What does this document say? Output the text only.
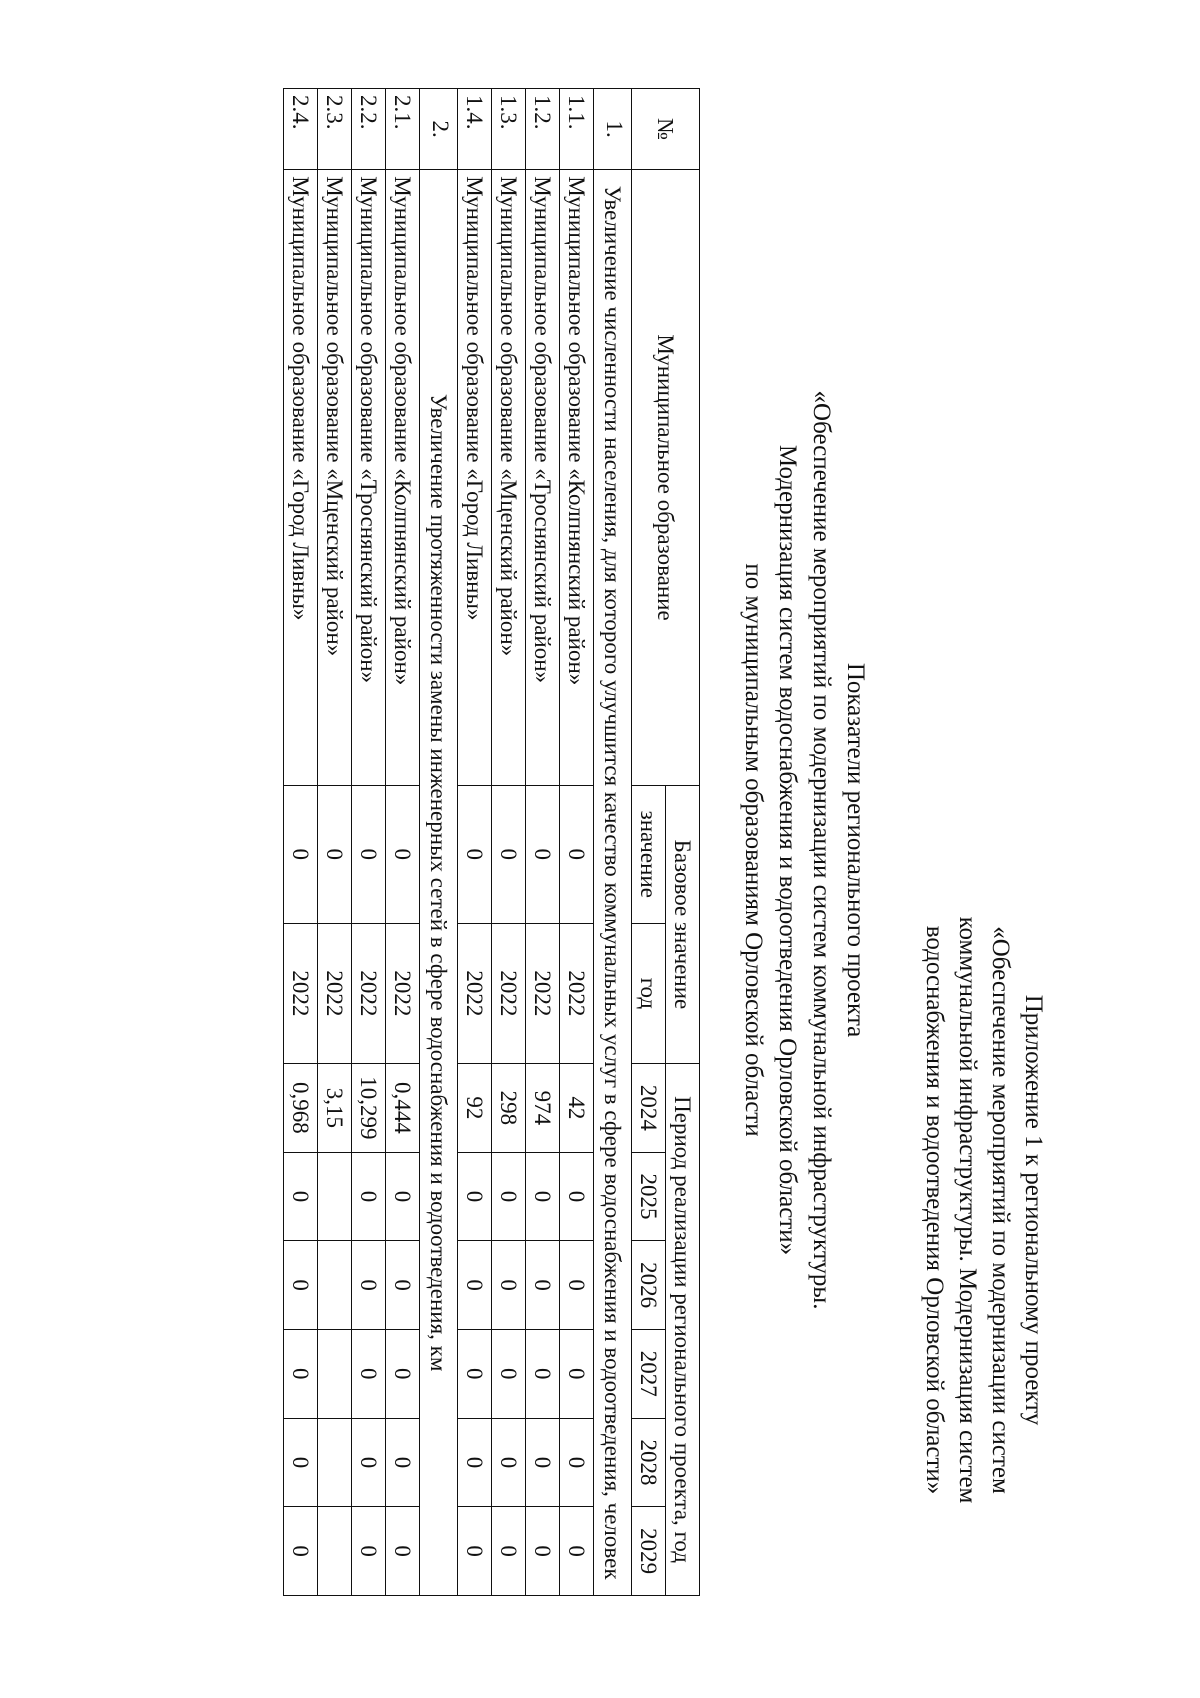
Приложение 1 к региональному проекту
«Обеспечение мероприятий по модернизации систем
коммунальной инфраструктуры. Модернизация систем
водоснабжения и водоотведения Орловской области»
Показатели регионального проекта
«Обеспечение мероприятий по модернизации систем коммунальной инфраструктуры.
Модернизация систем водоснабжения и водоотведения Орловской области»
по муниципальным образованиям Орловской области
№	Муниципальное образование	Базовое значение		Период реализации регионального проекта, год					
		значение	год	2024	2025	2026	2027	2028	2029
1.	Увеличение численности населения, для которого улучшится качество коммунальных услуг в сфере водоснабжения и водоотведения, человек								
1.1.	Муниципальное образование «Колпнянский район»	0	2022	42	0	0	0	0	0
1.2.	Муниципальное образование «Троснянский район»	0	2022	974	0	0	0	0	0
1.3.	Муниципальное образование «Мценский район»	0	2022	298	0	0	0	0	0
1.4.	Муниципальное образование «Город Ливны»	0	2022	92	0	0	0	0	0
2.	Увеличение протяженности замены инженерных сетей в сфере водоснабжения и водоотведения, км								
2.1.	Муниципальное образование «Колпнянский район»	0	2022	0,444	0	0	0	0	0
2.2.	Муниципальное образование «Троснянский район»	0	2022	10,299	0	0	0	0	0
2.3.	Муниципальное образование «Мценский район»	0	2022	3,15					
2.4.	Муниципальное образование «Город Ливны»	0	2022	0,968	0	0	0	0	0
